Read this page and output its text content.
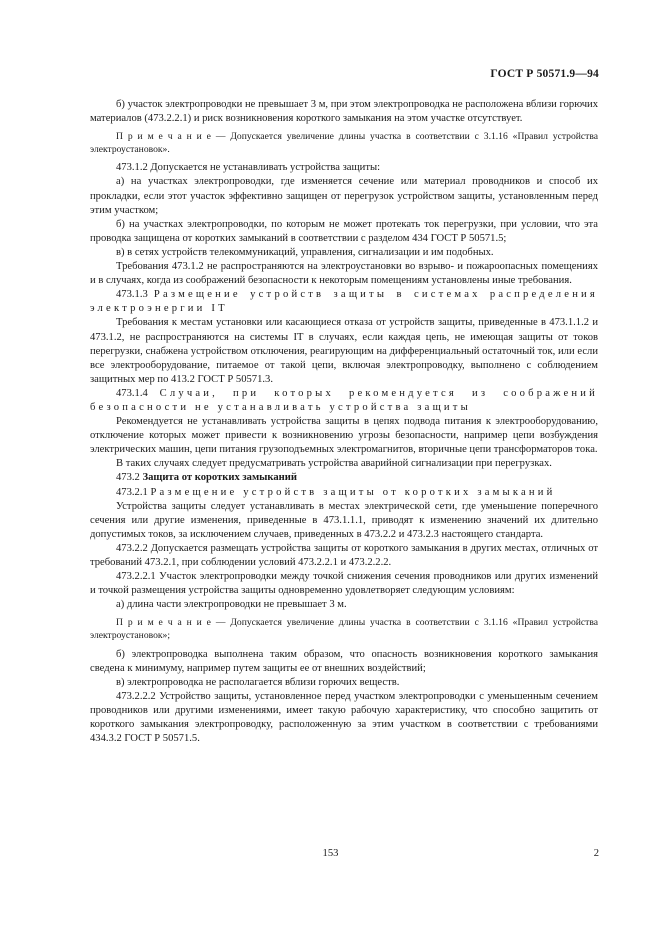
ГОСТ Р 50571.9—94

б) участок электропроводки не превышает 3 м, при этом электропроводка не расположена вблизи горючих материалов (473.2.2.1) и риск возникновения короткого замыкания на этом участке отсутствует.

П р и м е ч а н и е — Допускается увеличение длины участка в соответствии с 3.1.16 «Правил устройства электроустановок».

473.1.2 Допускается не устанавливать устройства защиты:

а) на участках электропроводки, где изменяется сечение или материал проводников и способ их прокладки, если этот участок эффективно защищен от перегрузок устройством защиты, установленным перед этим участком;

б) на участках электропроводки, по которым не может протекать ток перегрузки, при условии, что эта проводка защищена от коротких замыканий в соответствии с разделом 434 ГОСТ Р 50571.5;

в) в сетях устройств телекоммуникаций, управления, сигнализации и им подобных.

Требования 473.1.2 не распространяются на электроустановки во взрыво- и пожароопасных помещениях и в случаях, когда из соображений безопасности к некоторым помещениям установлены иные требования.

473.1.3 Размещение устройств защиты в системах распределения электроэнергии IT

Требования к местам установки или касающиеся отказа от устройств защиты, приведенные в 473.1.1.2 и 473.1.2, не распространяются на системы IT в случаях, если каждая цепь, не имеющая защиты от токов перегрузки, снабжена устройством отключения, реагирующим на дифференциальный остаточный ток, или если все электрооборудование, питаемое от такой цепи, включая электропроводку, выполнено с соблюдением защитных мер по 413.2 ГОСТ Р 50571.3.

473.1.4 Случаи, при которых рекомендуется из соображений безопасности не устанавливать устройства защиты

Рекомендуется не устанавливать устройства защиты в цепях подвода питания к электрооборудованию, отключение которых может привести к возникновению угрозы безопасности, например цепи возбуждения электрических машин, цепи питания грузоподъемных электромагнитов, вторичные цепи трансформаторов тока.

В таких случаях следует предусматривать устройства аварийной сигнализации при перегрузках.

473.2 Защита от коротких замыканий

473.2.1 Размещение устройств защиты от коротких замыканий

Устройства защиты следует устанавливать в местах электрической сети, где уменьшение поперечного сечения или другие изменения, приведенные в 473.1.1.1, приводят к изменению значений их длительно допустимых токов, за исключением случаев, приведенных в 473.2.2 и 473.2.3 настоящего стандарта.

473.2.2 Допускается размещать устройства защиты от короткого замыкания в других местах, отличных от требований 473.2.1, при соблюдении условий 473.2.2.1 и 473.2.2.2.

473.2.2.1 Участок электропроводки между точкой снижения сечения проводников или других изменений и точкой размещения устройства защиты одновременно удовлетворяет следующим условиям:

а) длина части электропроводки не превышает 3 м.

П р и м е ч а н и е — Допускается увеличение длины участка в соответствии с 3.1.16 «Правил устройства электроустановок»;

б) электропроводка выполнена таким образом, что опасность возникновения короткого замыкания сведена к минимуму, например путем защиты ее от внешних воздействий;

в) электропроводка не располагается вблизи горючих веществ.

473.2.2.2 Устройство защиты, установленное перед участком электропроводки с уменьшенным сечением проводников или другими изменениями, имеет такую рабочую характеристику, что способно защитить от короткого замыкания электропроводку, расположенную за этим участком в соответствии с требованиями 434.3.2 ГОСТ Р 50571.5.

153	2
